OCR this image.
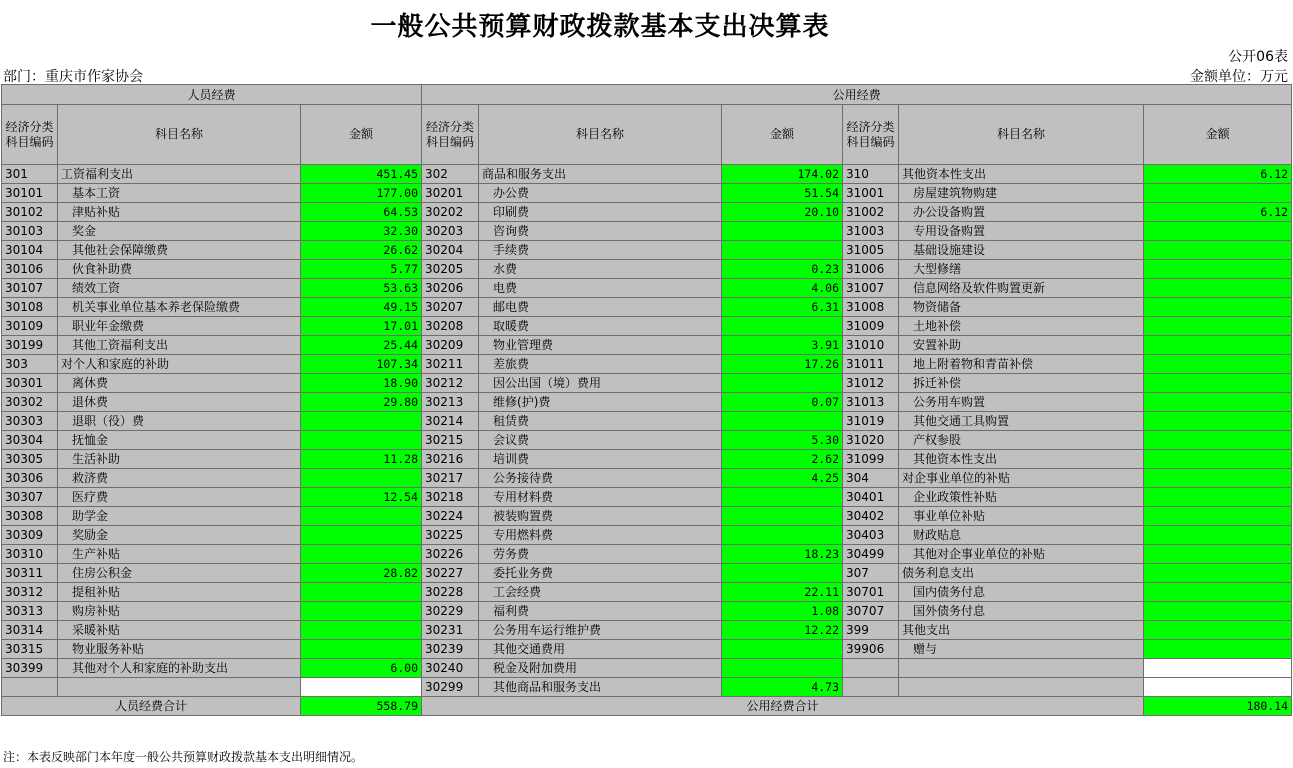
一般公共预算财政拨款基本支出决算表
公开06表
部门：重庆市作家协会	金额单位：万元
人员经费			公用经费					
经济分类科目编码	科目名称	金额	经济分类科目编码	科目名称	金额	经济分类科目编码	科目名称	金额
301	工资福利支出	451.45	302	商品和服务支出	174.02	310	其他资本性支出	6.12
30101	基本工资	177.00	30201	办公费	51.54	31001	房屋建筑物购建	
30102	津贴补贴	64.53	30202	印刷费	20.10	31002	办公设备购置	6.12
30103	奖金	32.30	30203	咨询费		31003	专用设备购置	
30104	其他社会保障缴费	26.62	30204	手续费		31005	基础设施建设	
30106	伙食补助费	5.77	30205	水费	0.23	31006	大型修缮	
30107	绩效工资	53.63	30206	电费	4.06	31007	信息网络及软件购置更新	
30108	机关事业单位基本养老保险缴费	49.15	30207	邮电费	6.31	31008	物资储备	
30109	职业年金缴费	17.01	30208	取暖费		31009	土地补偿	
30199	其他工资福利支出	25.44	30209	物业管理费	3.91	31010	安置补助	
303	对个人和家庭的补助	107.34	30211	差旅费	17.26	31011	地上附着物和青苗补偿	
30301	离休费	18.90	30212	因公出国（境）费用		31012	拆迁补偿	
30302	退休费	29.80	30213	维修(护)费	0.07	31013	公务用车购置	
30303	退职（役）费		30214	租赁费		31019	其他交通工具购置	
30304	抚恤金		30215	会议费	5.30	31020	产权参股	
30305	生活补助	11.28	30216	培训费	2.62	31099	其他资本性支出	
30306	救济费		30217	公务接待费	4.25	304	对企事业单位的补贴	
30307	医疗费	12.54	30218	专用材料费		30401	企业政策性补贴	
30308	助学金		30224	被装购置费		30402	事业单位补贴	
30309	奖励金		30225	专用燃料费		30403	财政贴息	
30310	生产补贴		30226	劳务费	18.23	30499	其他对企事业单位的补贴	
30311	住房公积金	28.82	30227	委托业务费		307	债务利息支出	
30312	提租补贴		30228	工会经费	22.11	30701	国内债务付息	
30313	购房补贴		30229	福利费	1.08	30707	国外债务付息	
30314	采暖补贴		30231	公务用车运行维护费	12.22	399	其他支出	
30315	物业服务补贴		30239	其他交通费用		39906	赠与	
30399	其他对个人和家庭的补助支出	6.00	30240	税金及附加费用				
			30299	其他商品和服务支出	4.73			
人员经费合计		558.79	公用经费合计					180.14
注：本表反映部门本年度一般公共预算财政拨款基本支出明细情况。
